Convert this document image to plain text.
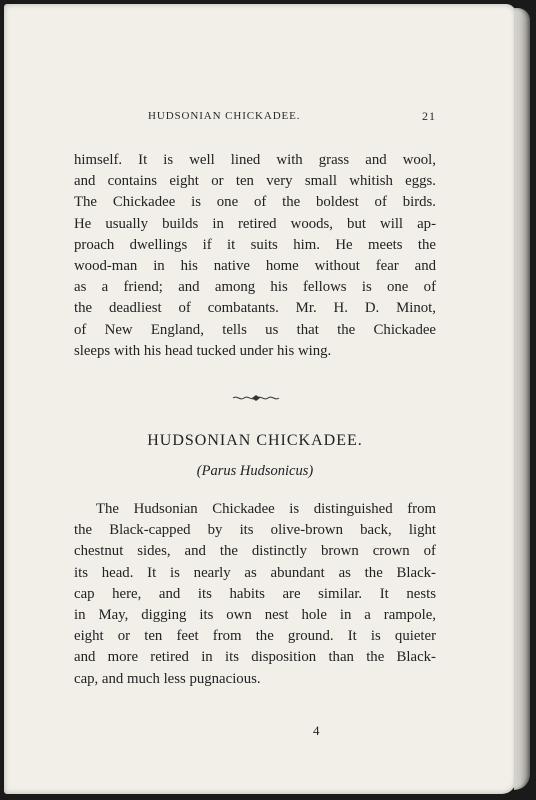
HUDSONIAN CHICKADEE.	21
himself. It is well lined with grass and wool,
and contains eight or ten very small whitish eggs.
The Chickadee is one of the boldest of birds.
He usually builds in retired woods, but will ap-
proach dwellings if it suits him. He meets the
wood-man in his native home without fear and
as a friend; and among his fellows is one of
the deadliest of combatants. Mr. H. D. Minot,
of New England, tells us that the Chickadee
sleeps with his head tucked under his wing.
HUDSONIAN CHICKADEE.
(Parus Hudsonicus)
The Hudsonian Chickadee is distinguished from
the Black-capped by its olive-brown back, light
chestnut sides, and the distinctly brown crown of
its head. It is nearly as abundant as the Black-
cap here, and its habits are similar. It nests
in May, digging its own nest hole in a rampole,
eight or ten feet from the ground. It is quieter
and more retired in its disposition than the Black-
cap, and much less pugnacious.
4
